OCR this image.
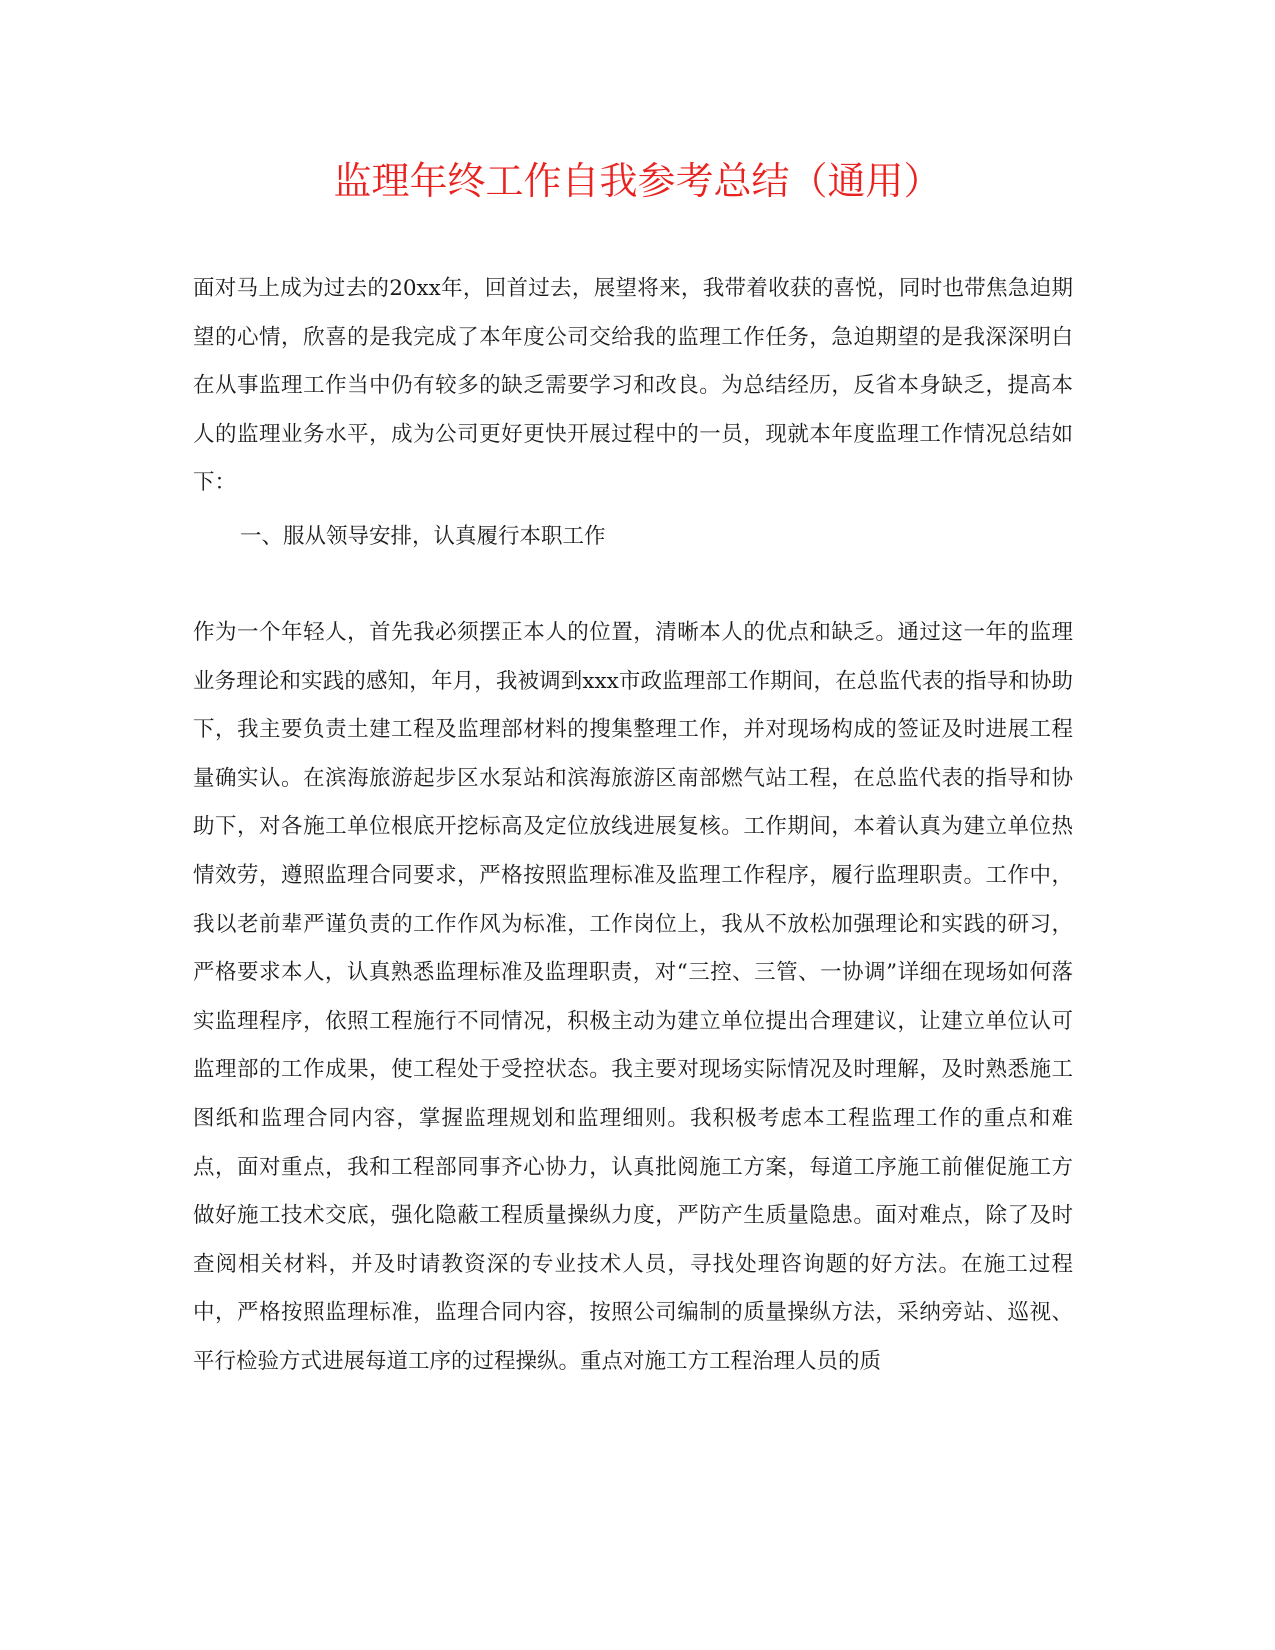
监理年终工作自我参考总结（通用）

面对马上成为过去的20xx年，回首过去，展望将来，我带着收获的喜悦，同时也带焦急迫期望的心情，欣喜的是我完成了本年度公司交给我的监理工作任务，急迫期望的是我深深明白在从事监理工作当中仍有较多的缺乏需要学习和改良。为总结经历，反省本身缺乏，提高本人的监理业务水平，成为公司更好更快开展过程中的一员，现就本年度监理工作情况总结如下：

一、服从领导安排，认真履行本职工作

作为一个年轻人，首先我必须摆正本人的位置，清晰本人的优点和缺乏。通过这一年的监理业务理论和实践的感知，年月，我被调到xxx市政监理部工作期间，在总监代表的指导和协助下，我主要负责土建工程及监理部材料的搜集整理工作，并对现场构成的签证及时进展工程量确实认。在滨海旅游起步区水泵站和滨海旅游区南部燃气站工程，在总监代表的指导和协助下，对各施工单位根底开挖标高及定位放线进展复核。工作期间，本着认真为建立单位热情效劳，遵照监理合同要求，严格按照监理标准及监理工作程序，履行监理职责。工作中，我以老前辈严谨负责的工作作风为标准，工作岗位上，我从不放松加强理论和实践的研习，严格要求本人，认真熟悉监理标准及监理职责，对“三控、三管、一协调”详细在现场如何落实监理程序，依照工程施行不同情况，积极主动为建立单位提出合理建议，让建立单位认可监理部的工作成果，使工程处于受控状态。我主要对现场实际情况及时理解，及时熟悉施工图纸和监理合同内容，掌握监理规划和监理细则。我积极考虑本工程监理工作的重点和难点，面对重点，我和工程部同事齐心协力，认真批阅施工方案，每道工序施工前催促施工方做好施工技术交底，强化隐蔽工程质量操纵力度，严防产生质量隐患。面对难点，除了及时查阅相关材料，并及时请教资深的专业技术人员，寻找处理咨询题的好方法。在施工过程中，严格按照监理标准，监理合同内容，按照公司编制的质量操纵方法，采纳旁站、巡视、平行检验方式进展每道工序的过程操纵。重点对施工方工程治理人员的质
